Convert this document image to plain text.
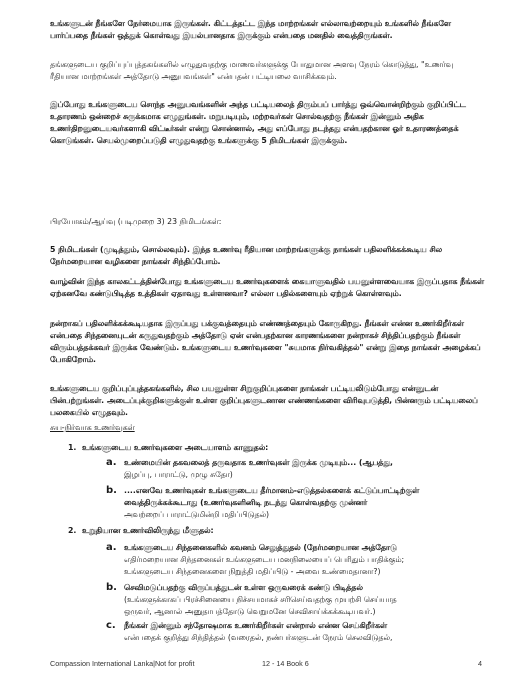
உங்களுடன் நீங்களே நேர்மையாக இருங்கள். கிட்டத்தட்ட இந்த மாற்றங்கள் எல்லாவற்றையும் உங்களில் நீங்களே பார்ப்பதை நீங்கள் ஒத்துக் கொள்வது இயல்பானதாக இருக்கும் என்பதை மனதில் வைத்திருங்கள்.

தங்களுடைய குறிப்புப்புத்தகங்களில் எழுதுவதற்கு மாணவர்களுக்கு போதுமான அளவு நேரம் கொடுத்து, "உணர்வு ரீதியான மாற்றங்கள் அத்தோடு அனுபவங்கள்" என்பதன் பட்டியலை வாசிக்கவும்.

இப்போது உங்களுடைய சொந்த அனுபவங்களின் அந்த பட்டியலைத் திரும்பப் பார்த்து ஒவ்வொன்றிற்கும் குறிப்பிட்ட உதாரணம் ஒன்றைச் சுருக்கமாக எழுதுங்கள். மறுபடியும், மற்றவர்கள் சொல்வதற்கு நீங்கள் இன்னும் அதிக உணர்திறனுடையவர்களாகி விட்டீர்கள் என்று சொன்னால், அது எப்போது நடந்தது என்பதற்கான ஓர் உதாரணத்தைக் கொடுங்கள். செயல்முறைப்படுதி எழுதுவதற்கு உங்களுக்கு 5 நிமிடங்கள் இருக்கும்.

பிரயோகம்/ஆய்வு (படிமுறை 3) 23 நிமிடங்கள்:

5 நிமிடங்கள் (முடித்தும், சொல்லவும்). இந்த உணர்வு ரீதியான மாற்றங்களுக்கு நாங்கள் பதிலளிக்கக்கூடிய சில நேர்மறையான வழிகளை நாங்கள் சிந்திப்போம்.

வாழ்வின் இந்த காலகட்டத்தின்போது உங்களுடைய உணர்வுகளைக் கையாளுவதில் பயனுள்ளவையாக இருப்பதாக நீங்கள் ஏற்கனவே கண்டுபிடித்த உத்திகள் ஏதாவது உள்ளனவா? எல்லா பதில்களையும் ஏற்றுக் கொள்ளவும்.

நன்றாகப் பதிலளிக்கக்கூடியதாக இருப்பது பக்குவத்தையும் எண்ணத்தையும் கோருகிறது. நீங்கள் என்ன உணர்கிறீர்கள் என்பதை சிந்தனையுடன் கருதுவதற்கும் அத்தோடு ஏன் என்பதற்கான காரணங்களை நன்றாகச் சிந்திப்பதற்கும் நீங்கள் விரும்பத்தக்கவர் இருக்க வேண்டும். உங்களுடைய உணர்வுகளை "சுயமாக நிர்வகித்தல்" என்று இதை நாங்கள் அழைக்கப் போகிறோம்.

உங்களுடைய குறிப்புப்புத்தகங்களில், சில பயனுள்ள சிறுகுறிப்புகளை நாங்கள் பட்டியலிடும்போது என்னுடன் பின்பற்றுங்கள். அடைப்புக்குறிகளுக்குள் உள்ள குறிப்புகளுடனான எண்ணங்களை விரிவுபடுத்தி, பின்னரும் பட்டியலைப் பலகையில் எழுதவும்.

சுய-நிர்வாக உணர்வுகள்

1. உங்களுடைய உணர்வுகளை அடையாளம் காணுதல்:
a. உண்மையின் தகவலைத் தருவதாக உணர்வுகள் இருக்க முடியும்... (ஆபத்து,
இழப்பு, பாராட்டு, முழு சுதோ)

b. ....எனவே உணர்வுகள் உங்களுடைய தீர்மானம்-எடுத்தல்களைக் கட்டுப்பாட்டிற்குள்
வைத்திருக்கக்கூடாது (உணர்வுகளினிடி நடந்து கொள்வதற்கு முன்னர்
அவற்றைப் பாராட்டுமின்றி மதிப்பிடுதல்)

2. உறுதியான உணர்விலிருந்து மீளுதல்:
a. உங்களுடைய சிந்தனைகளில் கவனம் செலுத்துதல் (நேர்மறையான அத்தோடு
எதிர்மறையான சிந்தனைகள் உங்களுடைய மனநிலையைப் பெரிதும் பாதிக்கும்;
உங்களுடைய சிந்தனைகளை நிறுத்தி மதிப்பிடு - அவை உண்மைதானா?)

b. செவிமடுப்பதற்கு விருப்பத்துடன் உள்ள ஒருவரைக் கண்டு பிடித்தல்
(உங்களுக்காகப் பிரச்சினையை நிச்சயமாகச் சரிசெய்வதற்கு முயற்சி செய்யாத
ஒருவர், ஆனால் அனுதாபத்தோடு வெறுமனே செவிசாய்க்கக்கூடியவர்.)

c. நீங்கள் இன்னும் சந்தோஷமாக உணர்கிறீர்கள் என்றால் என்ன செய்கிறீர்கள்
என்பதைக் குறித்து சிந்தித்தல் (வரைதல், நண்பர்களுடன் நேரம் செலவிடுதல்,

Compassion International Lanka|Not for profit	12 - 14 Book 6	4
